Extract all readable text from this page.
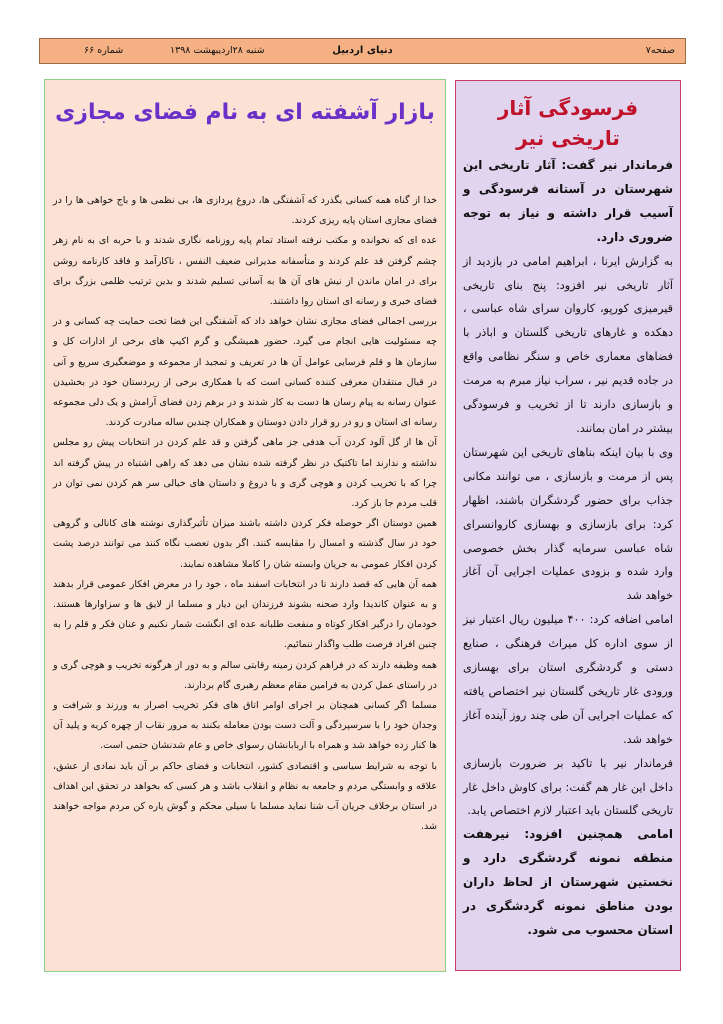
صفحه۷
دنیای اردبیل
شنبه ۲۸اردیبهشت ۱۳۹۸
شماره ۶۶
فرسودگی آثار تاریخی نیر

فرماندار نیر گفت: آثار تاریخی این شهرستان در آستانه فرسودگی و آسیب قرار داشته و نیاز به توجه ضروری دارد.

به گزارش ایرنا ، ابراهیم امامی در بازدید از آثار تاریخی نیر افزود: پنج بنای تاریخی قیرمیزی کورپو، کاروان سرای شاه عباسی ، دهکده و غارهای تاریخی گلستان و اباذر با فضاهای معماری خاص و سنگر نظامی واقع در جاده قدیم نیر ، سراب نیاز مبرم به مرمت و بازسازی دارند تا از تخریب و فرسودگی بیشتر در امان بمانند.

وی با بیان اینکه بناهای تاریخی این شهرستان پس از مرمت و بازسازی ، می توانند مکانی جذاب برای حضور گردشگران باشند، اظهار کرد: برای بازسازی و بهسازی کاروانسرای شاه عباسی سرمایه گذار بخش خصوصی وارد شده و بزودی عملیات اجرایی آن آغاز خواهد شد

امامی اضافه کرد: ۴۰۰ میلیون ریال اعتبار نیز از سوی اداره کل میراث فرهنگی ، صنایع دستی و گردشگری استان برای بهسازی ورودی غار تاریخی گلستان نیر اختصاص یافته که عملیات اجرایی آن طی چند روز آینده آغاز خواهد شد.

فرماندار نیر با تاکید بر ضرورت بازسازی داخل این غار هم گفت: برای کاوش داخل غار تاریخی گلستان باید اعتبار لازم اختصاص یابد.

امامی همچنین افزود: نیرهفت منطقه نمونه گردشگری دارد و نخستین شهرستان از لحاظ داران بودن مناطق نمونه گردشگری در استان محسوب می شود.

بازار آشفته ای به نام فضای مجازی

خدا از گناه همه کسانی بگذرد که آشفتگی ها، دروغ پردازی ها، بی نظمی ها و باج خواهی ها را در فضای مجازی استان پایه ریزی کردند.

عده ای که نخوانده و مکتب نرفته استاد تمام پایه روزنامه نگاری شدند و با حربه ای به نام زهر چشم گرفتن قد علم کردند و متأسفانه مدیرانی ضعیف النفس ، ناکارآمد و فاقد کارنامه روشن برای در امان ماندن از نیش های آن ها به آسانی تسلیم شدند و بدین ترتیب ظلمی بزرگ برای فضای خبری و رسانه ای استان روا داشتند.

بررسی اجمالی فضای مجازی نشان خواهد داد که آشفتگی این فضا تحت حمایت چه کسانی و در چه مسئولیت هایی انجام می گیرد. حضور همیشگی و گرم اکیپ های برخی از ادارات کل و سازمان ها و قلم فرسایی عوامل آن ها در تعریف و تمجید از مجموعه و موضعگیری سریع و آنی در قبال منتقدان معرفی کننده کسانی است که با همکاری برخی از زیردستان خود در بخشیدن عنوان رسانه به پیام رسان ها دست به کار شدند و در برهم زدن فضای آرامش و یک دلی مجموعه رسانه ای استان و رو در رو قرار دادن دوستان و همکاران چندین ساله مبادرت کردند.

آن ها از گل آلود کردن آب هدفی جز ماهی گرفتن و قد علم کردن در انتخابات پیش رو مجلس نداشته و ندارند اما تاکتیک در نظر گرفته شده نشان می دهد که راهی اشتباه در پیش گرفته اند چرا که با تخریب کردن و هوچی گری و با دروغ و داستان های خیالی سر هم کردن نمی توان در قلب مردم جا باز کرد.

همین دوستان اگر حوصله فکر کردن داشته باشند میزان تأثیرگذاری نوشته های کانالی و گروهی خود در سال گذشته و امسال را مقایسه کنند. اگر بدون تعصب نگاه کنند می توانند درصد پشت کردن افکار عمومی به جریان وابسته شان را کاملا مشاهده نمایند.

همه آن هایی که قصد دارند تا در انتخابات اسفند ماه ، خود را در معرض افکار عمومی قرار بدهند و به عنوان کاندیدا وارد صحنه بشوند فرزندان این دیار و مسلما از لایق ها و سزاوارها هستند. خودمان را درگیر افکار کوتاه و منفعت طلبانه عده ای انگشت شمار نکنیم و عنان فکر و قلم را به چنین افراد فرصت طلب واگذار ننمائیم.

همه وظیفه دارند که در فراهم کردن زمینه رقابتی سالم و به دور از هرگونه تخریب و هوچی گری و در راستای عمل کردن به فرامین مقام معظم رهبری گام بردارند.

مسلما اگر کسانی همچنان بر اجرای اوامر اتاق های فکر تخریب اصرار به ورزند و شرافت و وجدان خود را با سرسپردگی و آلت دست بودن معامله بکنند به مرور نقاب از چهره کریه و پلید آن ها کنار زده خواهد شد و همراه با اربابانشان رسوای خاص و عام شدنشان حتمی است.

با توجه به شرایط سیاسی و اقتصادی کشور، انتخابات و فضای حاکم بر آن باید نمادی از عشق، علاقه و وابستگی مردم و جامعه به نظام و انقلاب باشد و هر کسی که بخواهد در تحقق این اهداف در استان برخلاف جریان آب شنا نماید مسلما با سیلی محکم و گوش پاره کن مردم مواجه خواهند شد.
